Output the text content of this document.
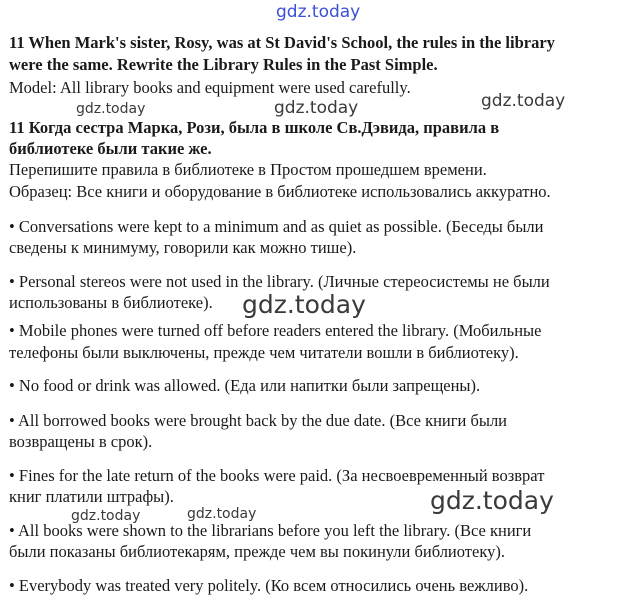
gdz.today
gdz.today	gdz.today	gdz.today
gdz.today
gdz.today
gdz.today	gdz.today
11 When Mark's sister, Rosy, was at St David's School, the rules in the library
were the same. Rewrite the Library Rules in the Past Simple.
Model: All library books and equipment were used carefully.
11 Когда сестра Марка, Рози, была в школе Св.Дэвида, правила в
библиотеке были такие же.
Перепишите правила в библиотеке в Простом прошедшем времени.
Образец: Все книги и оборудование в библиотеке использовались аккуратно.
• Conversations were kept to a minimum and as quiet as possible. (Беседы были
сведены к минимуму, говорили как можно тише).
• Personal stereos were not used in the library. (Личные стереосистемы не были
использованы в библиотеке).
• Mobile phones were turned off before readers entered the library. (Мобильные
телефоны были выключены, прежде чем читатели вошли в библиотеку).
• No food or drink was allowed. (Еда или напитки были запрещены).
• All borrowed books were brought back by the due date. (Все книги были
возвращены в срок).
• Fines for the late return of the books were paid. (За несвоевременный возврат
книг платили штрафы).
• All books were shown to the librarians before you left the library. (Все книги
были показаны библиотекарям, прежде чем вы покинули библиотеку).
• Everybody was treated very politely. (Ко всем относились очень вежливо).
